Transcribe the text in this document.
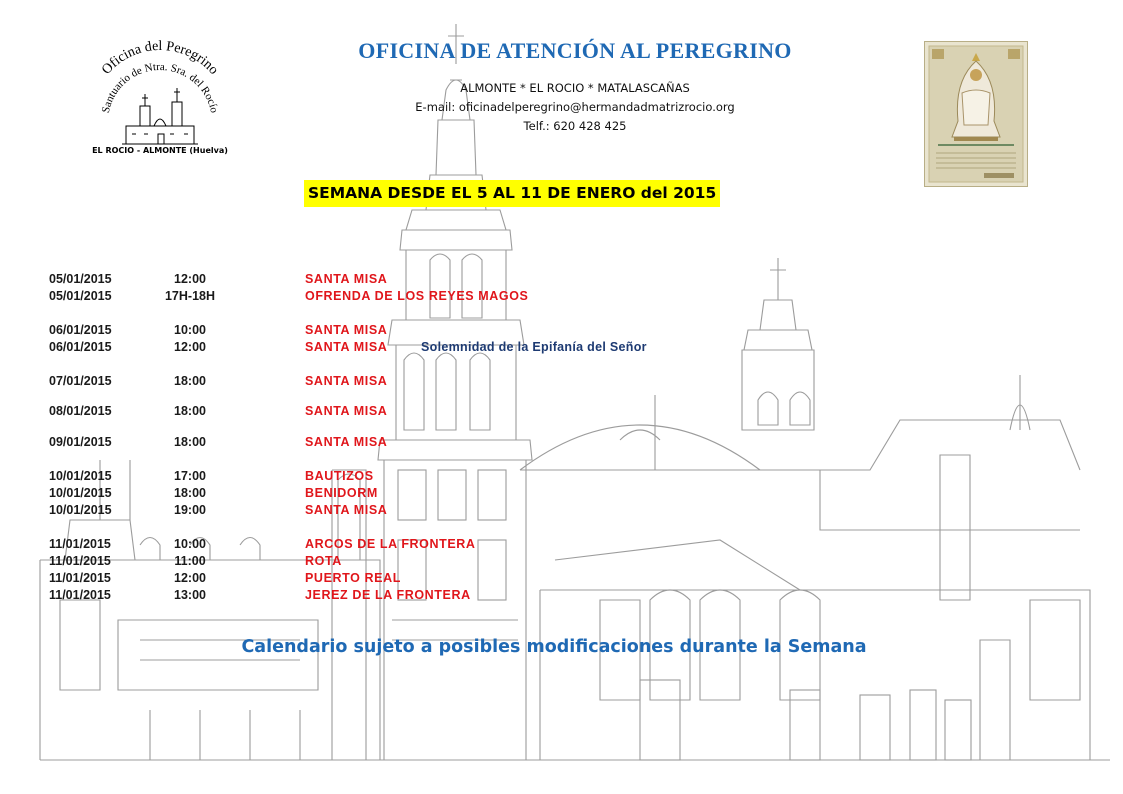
Oficina del Peregrino
Santuario de Ntra. Sra. del Rocío
EL ROCIO - ALMONTE (Huelva)
OFICINA DE ATENCIÓN AL PEREGRINO
ALMONTE * EL ROCIO * MATALASCAÑAS
E-mail: oficinadelperegrino@hermandadmatrizrocio.org
Telf.: 620 428 425
SEMANA DESDE EL 5 AL 11 DE ENERO del 2015
05/01/2015	12:00	SANTA MISA
05/01/2015	17H-18H	OFRENDA DE LOS REYES MAGOS
06/01/2015	10:00	SANTA MISA
06/01/2015	12:00	SANTA MISA	Solemnidad de la Epifanía del Señor
07/01/2015	18:00	SANTA MISA
08/01/2015	18:00	SANTA MISA
09/01/2015	18:00	SANTA MISA
10/01/2015	17:00	BAUTIZOS
10/01/2015	18:00	BENIDORM
10/01/2015	19:00	SANTA MISA
11/01/2015	10:00	ARCOS DE LA FRONTERA
11/01/2015	11:00	ROTA
11/01/2015	12:00	PUERTO REAL
11/01/2015	13:00	JEREZ DE LA FRONTERA
Calendario sujeto a posibles modificaciones durante la Semana
